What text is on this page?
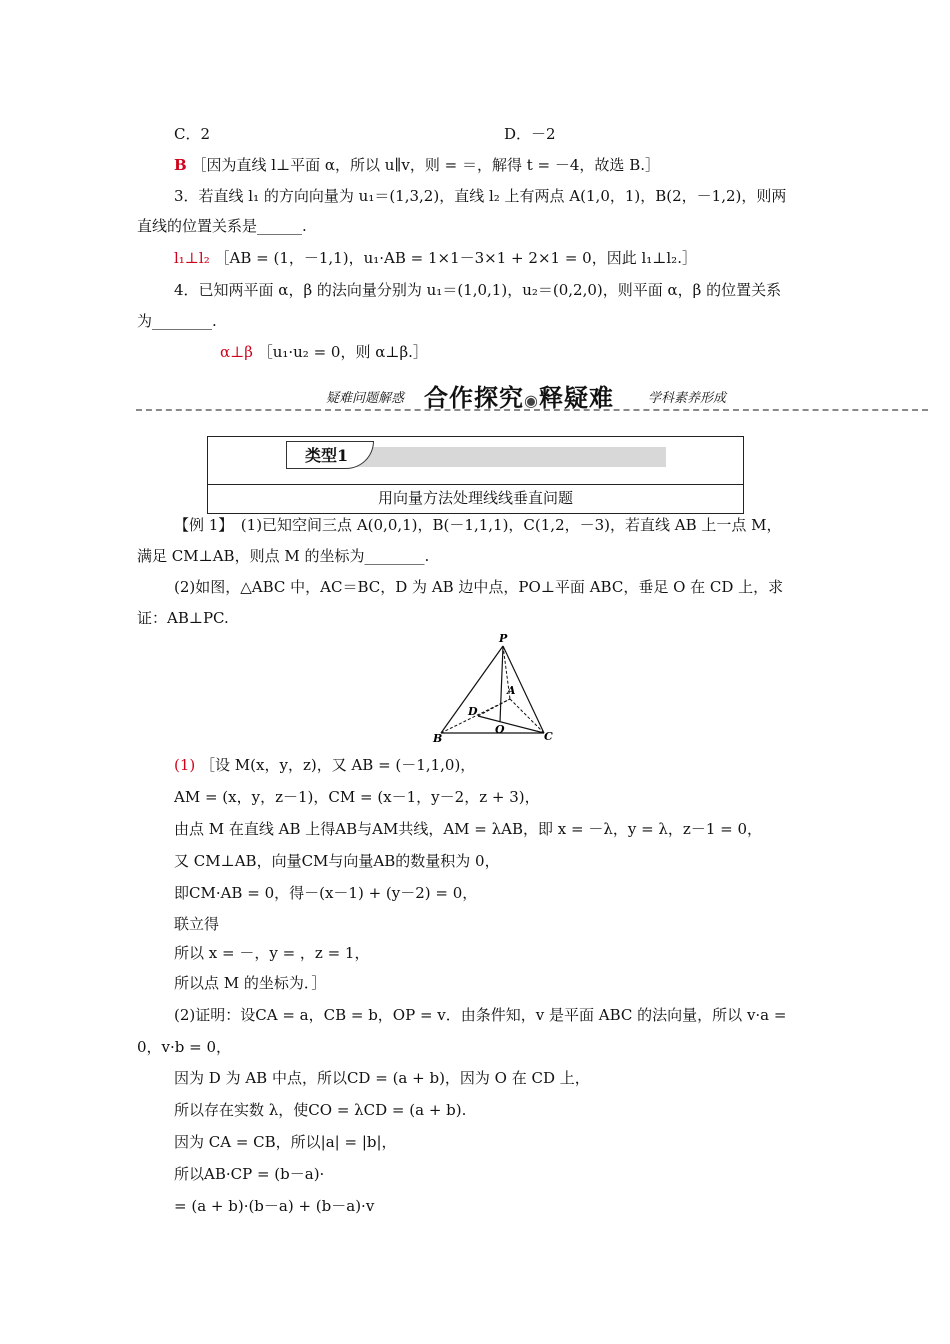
C．2	D．－2
B ［因为直线 l⊥平面 α，所以 u∥v，则 = ＝，解得 t = －4，故选 B.］
3．若直线 l₁ 的方向向量为 u₁＝(1,3,2)，直线 l₂ 上有两点 A(1,0，1)，B(2，－1,2)，则两
直线的位置关系是______.
l₁⊥l₂ ［AB = (1，－1,1)，u₁·AB = 1×1－3×1 + 2×1 = 0，因此 l₁⊥l₂.］
4．已知两平面 α，β 的法向量分别为 u₁＝(1,0,1)，u₂＝(0,2,0)，则平面 α，β 的位置关系
为________.
α⊥β ［u₁·u₂ = 0，则 α⊥β.］
疑难问题解惑 合作探究◉释疑难	学科素养形成
类型1
用向量方法处理线线垂直问题
【例 1】　(1)已知空间三点 A(0,0,1)，B(－1,1,1)，C(1,2，－3)，若直线 AB 上一点 M，
满足 CM⊥AB，则点 M 的坐标为________.
(2)如图，△ABC 中，AC＝BC，D 为 AB 边中点，PO⊥平面 ABC，垂足 O 在 CD 上，求
证：AB⊥PC.
P
A
D
O
B	C
(1) ［设 M(x，y，z)，又 AB = (－1,1,0)，
AM = (x，y，z－1)，CM = (x－1，y－2，z + 3)，
由点 M 在直线 AB 上得AB与AM共线，AM = λAB，即 x = －λ，y = λ，z－1 = 0，
又 CM⊥AB，向量CM与向量AB的数量积为 0，
即CM·AB = 0，得－(x－1) + (y－2) = 0，
联立得
所以 x = －，y = ，z = 1，
所以点 M 的坐标为．］
(2)证明：设CA = a，CB = b，OP = v．由条件知，v 是平面 ABC 的法向量，所以 v·a =
0，v·b = 0，
因为 D 为 AB 中点，所以CD = (a + b)，因为 O 在 CD 上，
所以存在实数 λ，使CO = λCD = (a + b).
因为 CA = CB，所以|a| = |b|，
所以AB·CP = (b－a)·
= (a + b)·(b－a) + (b－a)·v
